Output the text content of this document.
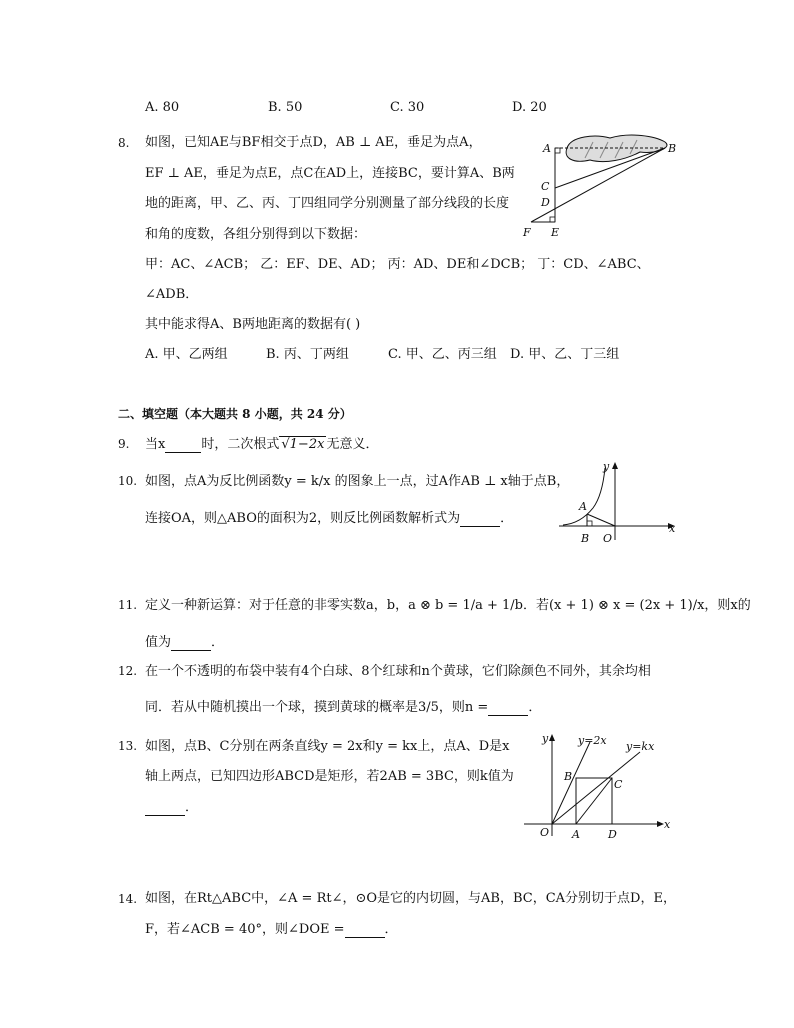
A. 80	B. 50	C. 30	D. 20
8. 如图，已知AE与BF相交于点D，AB ⊥ AE，垂足为点A，
EF ⊥ AE，垂足为点E，点C在AD上，连接BC，要计算A、B两
地的距离，甲、乙、丙、丁四组同学分别测量了部分线段的长度
和角的度数，各组分别得到以下数据：
甲：AC、∠ACB； 乙：EF、DE、AD； 丙：AD、DE和∠DCB； 丁：CD、∠ABC、
∠ADB．
其中能求得A、B两地距离的数据有( )
A. 甲、乙两组	B. 丙、丁两组	C. 甲、乙、丙三组 D. 甲、乙、丁三组
A	B
C
D
F E
二、填空题（本大题共 8 小题，共 24 分）
9. 当x	时，二次根式 √1−2x 无意义．
10. 如图，点A为反比例函数y = k/x 的图象上一点，过A作AB ⊥ x轴于点B，
连接OA，则△ABO的面积为2，则反比例函数解析式为	．
y
x
A
B O
11. 定义一种新运算：对于任意的非零实数a，b，a ⊗ b = 1/a + 1/b．若(x + 1) ⊗ x = (2x + 1)/x，则x的
值为	．
12. 在一个不透明的布袋中装有4个白球、8个红球和n个黄球，它们除颜色不同外，其余均相
同．若从中随机摸出一个球，摸到黄球的概率是3/5，则n =	．
13. 如图，点B、C分别在两条直线y = 2x和y = kx上，点A、D是x
轴上两点，已知四边形ABCD是矩形，若2AB = 3BC，则k值为
．
y	y=2x y=kx
B
C
O A	D
x
14. 如图，在Rt△ABC中，∠A = Rt∠，⊙O是它的内切圆，与AB，BC，CA分别切于点D，E，
F，若∠ACB = 40°，则∠DOE =	．
